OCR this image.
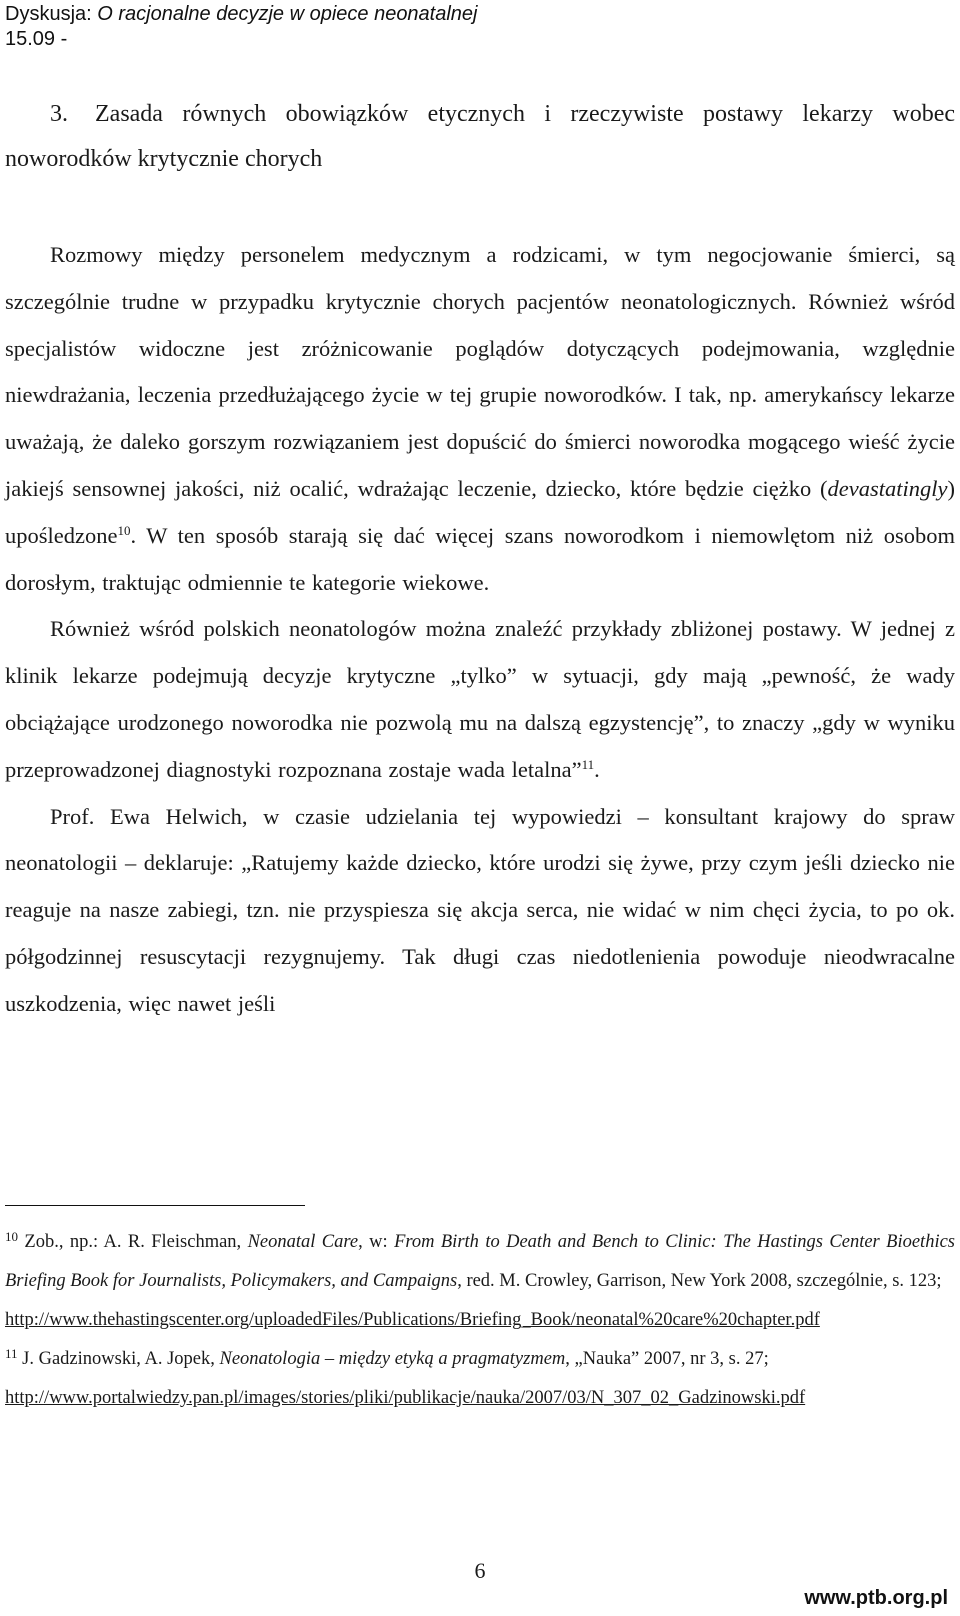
Dyskusja: O racjonalne decyzje w opiece neonatalnej
15.09 -
3. Zasada równych obowiązków etycznych i rzeczywiste postawy lekarzy wobec noworodków krytycznie chorych

Rozmowy między personelem medycznym a rodzicami, w tym negocjowanie śmierci, są szczególnie trudne w przypadku krytycznie chorych pacjentów neonatologicznych. Również wśród specjalistów widoczne jest zróżnicowanie poglądów dotyczących podejmowania, względnie niewdrażania, leczenia przedłużającego życie w tej grupie noworodków. I tak, np. amerykańscy lekarze uważają, że daleko gorszym rozwiązaniem jest dopuścić do śmierci noworodka mogącego wieść życie jakiejś sensownej jakości, niż ocalić, wdrażając leczenie, dziecko, które będzie ciężko (devastatingly) upośledzone$^{10}$. W ten sposób starają się dać więcej szans noworodkom i niemowlętom niż osobom dorosłym, traktując odmiennie te kategorie wiekowe.

Również wśród polskich neonatologów można znaleźć przykłady zbliżonej postawy. W jednej z klinik lekarze podejmują decyzje krytyczne „tylko” w sytuacji, gdy mają „pewność, że wady obciążające urodzonego noworodka nie pozwolą mu na dalszą egzystencję”, to znaczy „gdy w wyniku przeprowadzonej diagnostyki rozpoznana zostaje wada letalna”$^{11}$.

Prof. Ewa Helwich, w czasie udzielania tej wypowiedzi – konsultant krajowy do spraw neonatologii – deklaruje: „Ratujemy każde dziecko, które urodzi się żywe, przy czym jeśli dziecko nie reaguje na nasze zabiegi, tzn. nie przyspiesza się akcja serca, nie widać w nim chęci życia, to po ok. półgodzinnej resuscytacji rezygnujemy. Tak długi czas niedotlenienia powoduje nieodwracalne uszkodzenia, więc nawet jeśli

$^{10}$ Zob., np.: A. R. Fleischman, Neonatal Care, w: From Birth to Death and Bench to Clinic: The Hastings Center Bioethics Briefing Book for Journalists, Policymakers, and Campaigns, red. M. Crowley, Garrison, New York 2008, szczególnie, s. 123;

http://www.thehastingscenter.org/uploadedFiles/Publications/Briefing_Book/neonatal%20care%20chapter.pdf

$^{11}$ J. Gadzinowski, A. Jopek, Neonatologia – między etyką a pragmatyzmem, „Nauka” 2007, nr 3, s. 27;

http://www.portalwiedzy.pan.pl/images/stories/pliki/publikacje/nauka/2007/03/N_307_02_Gadzinowski.pdf

6
www.ptb.org.pl
